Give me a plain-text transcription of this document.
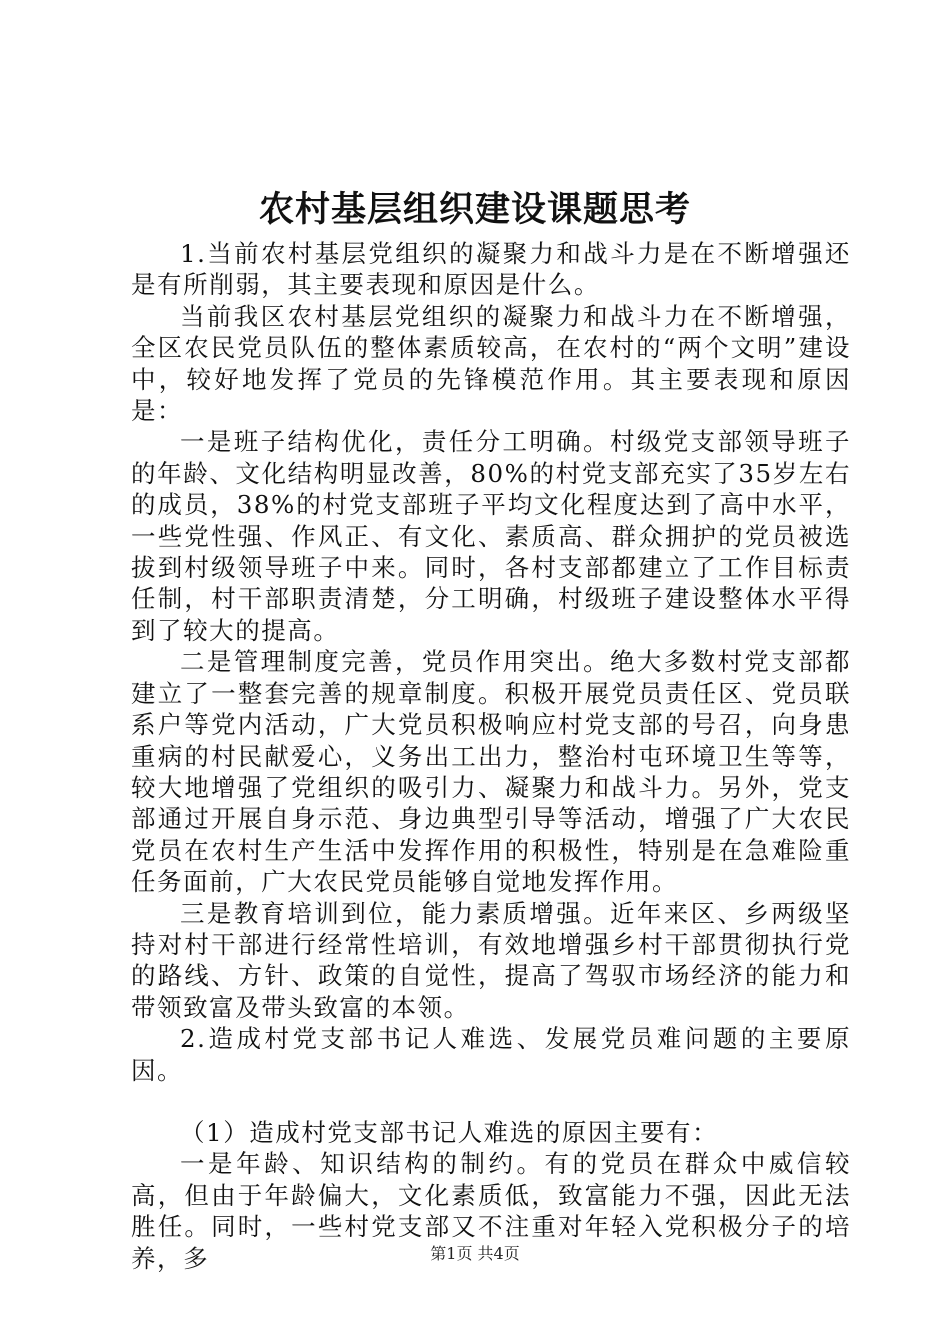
农村基层组织建设课题思考

1.当前农村基层党组织的凝聚力和战斗力是在不断增强还是有所削弱，其主要表现和原因是什么。

当前我区农村基层党组织的凝聚力和战斗力在不断增强，全区农民党员队伍的整体素质较高，在农村的“两个文明”建设中，较好地发挥了党员的先锋模范作用。其主要表现和原因是：

一是班子结构优化，责任分工明确。村级党支部领导班子的年龄、文化结构明显改善，80%的村党支部充实了35岁左右的成员，38%的村党支部班子平均文化程度达到了高中水平，一些党性强、作风正、有文化、素质高、群众拥护的党员被选拔到村级领导班子中来。同时，各村支部都建立了工作目标责任制，村干部职责清楚，分工明确，村级班子建设整体水平得到了较大的提高。

二是管理制度完善，党员作用突出。绝大多数村党支部都建立了一整套完善的规章制度。积极开展党员责任区、党员联系户等党内活动，广大党员积极响应村党支部的号召，向身患重病的村民献爱心，义务出工出力，整治村屯环境卫生等等，较大地增强了党组织的吸引力、凝聚力和战斗力。另外，党支部通过开展自身示范、身边典型引导等活动，增强了广大农民党员在农村生产生活中发挥作用的积极性，特别是在急难险重任务面前，广大农民党员能够自觉地发挥作用。

三是教育培训到位，能力素质增强。近年来区、乡两级坚持对村干部进行经常性培训，有效地增强乡村干部贯彻执行党的路线、方针、政策的自觉性，提高了驾驭市场经济的能力和带领致富及带头致富的本领。

2.造成村党支部书记人难选、发展党员难问题的主要原因。

（1）造成村党支部书记人难选的原因主要有：

一是年龄、知识结构的制约。有的党员在群众中威信较高，但由于年龄偏大，文化素质低，致富能力不强，因此无法胜任。同时，一些村党支部又不注重对年轻入党积极分子的培养，多	第1页 共4页
